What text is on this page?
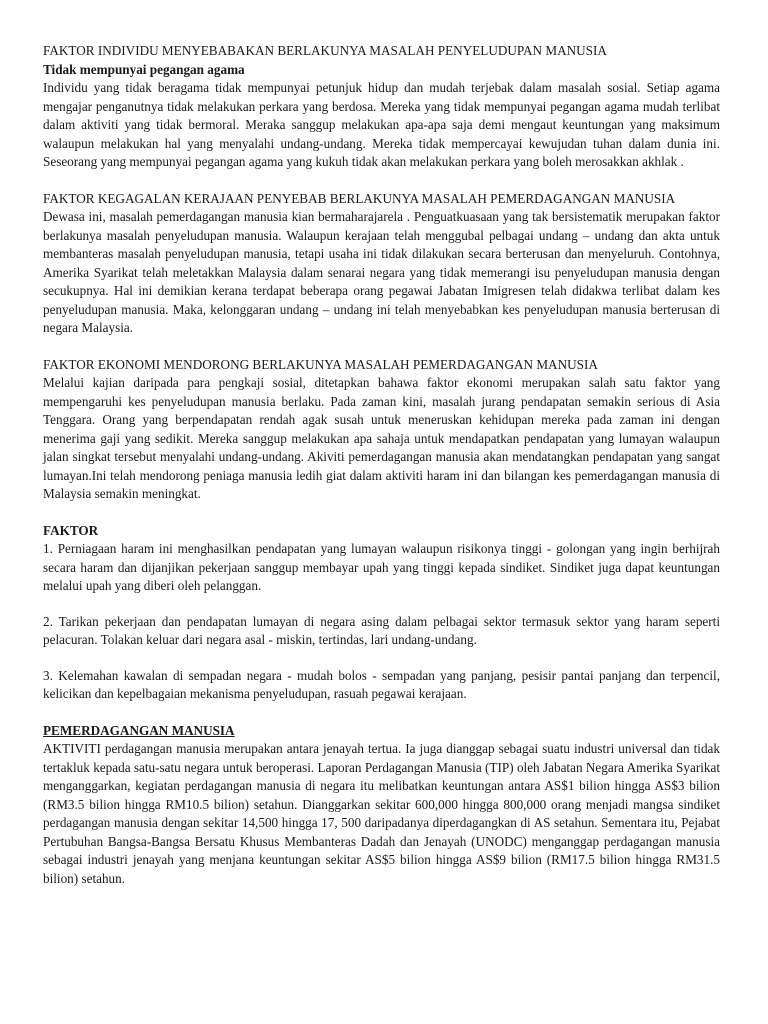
FAKTOR INDIVIDU MENYEBABAKAN BERLAKUNYA MASALAH PENYELUDUPAN MANUSIA
Tidak mempunyai pegangan agama

Individu yang tidak beragama tidak mempunyai petunjuk hidup dan mudah terjebak dalam masalah sosial. Setiap agama mengajar penganutnya tidak melakukan perkara yang berdosa. Mereka yang tidak mempunyai pegangan agama mudah terlibat dalam aktiviti yang tidak bermoral. Meraka sanggup melakukan apa-apa saja demi mengaut keuntungan yang maksimum walaupun melakukan hal yang menyalahi undang-undang. Mereka tidak mempercayai kewujudan tuhan dalam dunia ini. Seseorang yang mempunyai pegangan agama yang kukuh tidak akan melakukan perkara yang boleh merosakkan akhlak .

FAKTOR KEGAGALAN KERAJAAN PENYEBAB BERLAKUNYA MASALAH PEMERDAGANGAN MANUSIA

Dewasa ini, masalah pemerdagangan manusia kian bermaharajarela . Penguatkuasaan yang tak bersistematik merupakan faktor berlakunya masalah penyeludupan manusia. Walaupun kerajaan telah menggubal pelbagai undang – undang dan akta untuk membanteras masalah penyeludupan manusia, tetapi usaha ini tidak dilakukan secara berterusan dan menyeluruh. Contohnya, Amerika Syarikat telah meletakkan Malaysia dalam senarai negara yang tidak memerangi isu penyeludupan manusia dengan secukupnya. Hal ini demikian kerana terdapat beberapa orang pegawai Jabatan Imigresen telah didakwa terlibat dalam kes penyeludupan manusia. Maka, kelonggaran undang – undang ini telah menyebabkan kes penyeludupan manusia berterusan di negara Malaysia.

FAKTOR EKONOMI MENDORONG BERLAKUNYA MASALAH PEMERDAGANGAN MANUSIA

Melalui kajian daripada para pengkaji sosial, ditetapkan bahawa faktor ekonomi merupakan salah satu faktor yang mempengaruhi kes penyeludupan manusia berlaku. Pada zaman kini, masalah jurang pendapatan semakin serious di Asia Tenggara. Orang yang berpendapatan rendah agak susah untuk meneruskan kehidupan mereka pada zaman ini dengan menerima gaji yang sedikit. Mereka sanggup melakukan apa sahaja untuk mendapatkan pendapatan yang lumayan walaupun jalan singkat tersebut menyalahi undang-undang. Akiviti pemerdagangan manusia akan mendatangkan pendapatan yang sangat lumayan.Ini telah mendorong peniaga manusia ledih giat dalam aktiviti haram ini dan bilangan kes pemerdagangan manusia di Malaysia semakin meningkat.

FAKTOR

1. Perniagaan haram ini menghasilkan pendapatan yang lumayan walaupun risikonya tinggi - golongan yang ingin berhijrah secara haram dan dijanjikan pekerjaan sanggup membayar upah yang tinggi kepada sindiket. Sindiket juga dapat keuntungan melalui upah yang diberi oleh pelanggan.

2. Tarikan pekerjaan dan pendapatan lumayan di negara asing dalam pelbagai sektor termasuk sektor yang haram seperti pelacuran. Tolakan keluar dari negara asal - miskin, tertindas, lari undang-undang.

3. Kelemahan kawalan di sempadan negara - mudah bolos - sempadan yang panjang, pesisir pantai panjang dan terpencil, kelicikan dan kepelbagaian mekanisma penyeludupan, rasuah pegawai kerajaan.

PEMERDAGANGAN MANUSIA

AKTIVITI perdagangan manusia merupakan antara jenayah tertua. Ia juga dianggap sebagai suatu industri universal dan tidak tertakluk kepada satu-satu negara untuk beroperasi. Laporan Perdagangan Manusia (TIP) oleh Jabatan Negara Amerika Syarikat menganggarkan, kegiatan perdagangan manusia di negara itu melibatkan keuntungan antara AS$1 bilion hingga AS$3 bilion (RM3.5 bilion hingga RM10.5 bilion) setahun. Dianggarkan sekitar 600,000 hingga 800,000 orang menjadi mangsa sindiket perdagangan manusia dengan sekitar 14,500 hingga 17, 500 daripadanya diperdagangkan di AS setahun. Sementara itu, Pejabat Pertubuhan Bangsa-Bangsa Bersatu Khusus Membanteras Dadah dan Jenayah (UNODC) menganggap perdagangan manusia sebagai industri jenayah yang menjana keuntungan sekitar AS$5 bilion hingga AS$9 bilion (RM17.5 bilion hingga RM31.5 bilion) setahun.
